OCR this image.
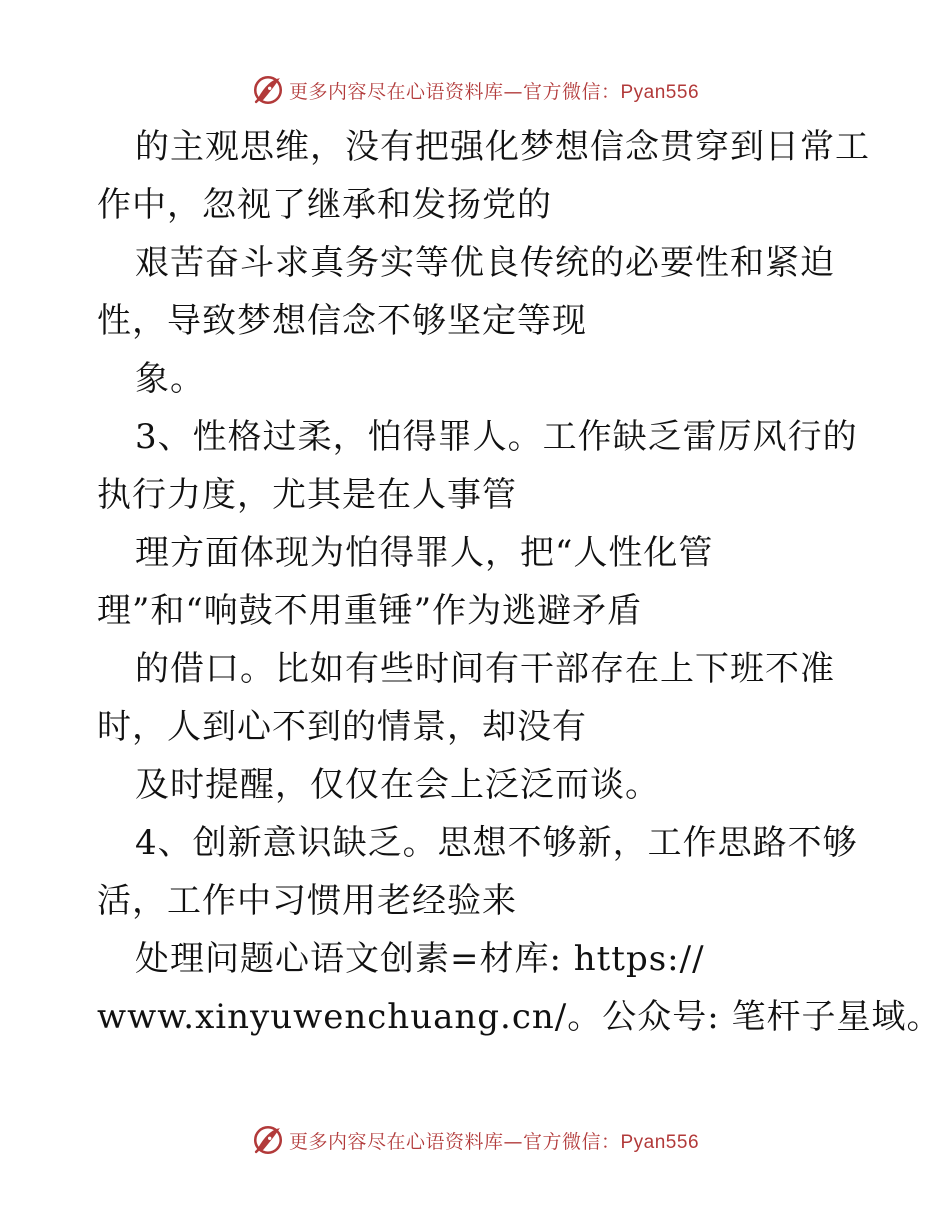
更多内容尽在心语资料库—官方微信：Pyan556
的主观思维，没有把强化梦想信念贯穿到日常工
作中，忽视了继承和发扬党的
艰苦奋斗求真务实等优良传统的必要性和紧迫
性，导致梦想信念不够坚定等现
象。
3、性格过柔，怕得罪人。工作缺乏雷厉风行的
执行力度，尤其是在人事管
理方面体现为怕得罪人，把“人性化管
理”和“响鼓不用重锤”作为逃避矛盾
的借口。比如有些时间有干部存在上下班不准
时，人到心不到的情景，却没有
及时提醒，仅仅在会上泛泛而谈。
4、创新意识缺乏。思想不够新，工作思路不够
活，工作中习惯用老经验来
处理问题心语文创素=材库: https://
www.xinyuwenchuang.cn/。公众号: 笔杆子星域。
更多内容尽在心语资料库—官方微信：Pyan556
